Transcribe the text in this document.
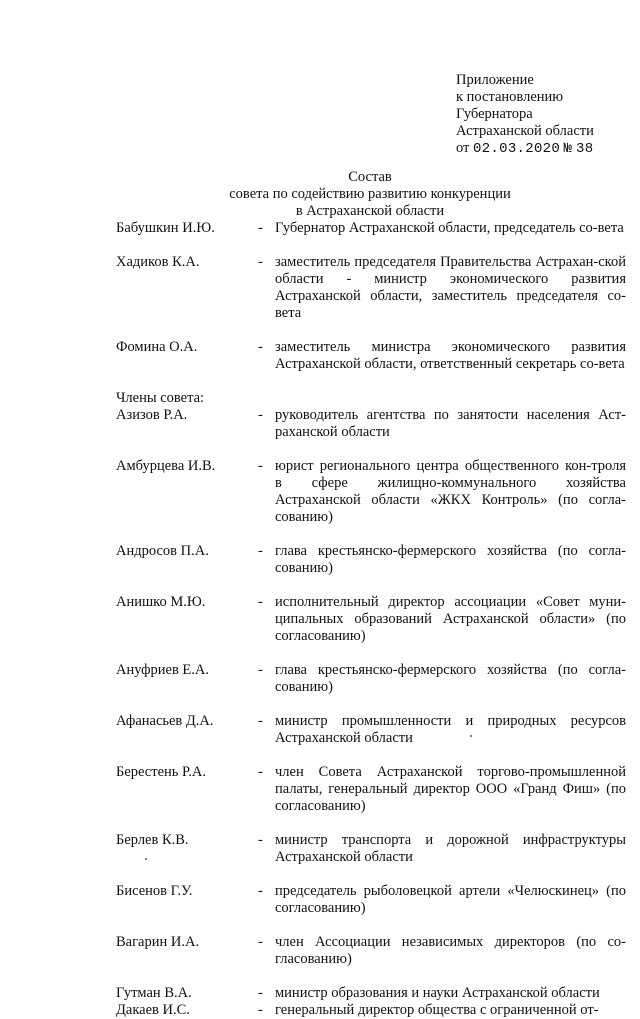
Приложение
к постановлению
Губернатора
Астраханской области
от 02.03.2020 № 38
Состав
совета по содействию развитию конкуренции
в Астраханской области
Бабушкин И.Ю.	- Губернатор Астраханской области, председатель со-вета
Хадиков К.А.	- заместитель председателя Правительства Астрахан-ской области - министр экономического развития Астраханской области, заместитель председателя со-вета
Фомина О.А.	- заместитель министра экономического развития Астраханской области, ответственный секретарь со-вета
Члены совета:
Азизов Р.А.	- руководитель агентства по занятости населения Аст-раханской области
Амбурцева И.В.	- юрист регионального центра общественного кон-троля в сфере жилищно-коммунального хозяйства Астраханской области «ЖКХ Контроль» (по согла-сованию)
Андросов П.А.	- глава крестьянско-фермерского хозяйства (по согла-сованию)
Анишко М.Ю.	- исполнительный директор ассоциации «Совет муни-ципальных образований Астраханской области» (по согласованию)
Ануфриев Е.А.	- глава крестьянско-фермерского хозяйства (по согла-сованию)
Афанасьев Д.А.	- министр промышленности и природных ресурсов Астраханской области
Берестень Р.А.	- член Совета Астраханской торгово-промышленной палаты, генеральный директор ООО «Гранд Фиш» (по согласованию)
Берлев К.В.	- министр транспорта и дорожной инфраструктуры Астраханской области
Бисенов Г.У.	- председатель рыболовецкой артели «Челюскинец» (по согласованию)
Вагарин И.А.	- член Ассоциации независимых директоров (по со-гласованию)
Гутман В.А.	- министр образования и науки Астраханской области
Дакаев И.С.	- генеральный директор общества с ограниченной от-
